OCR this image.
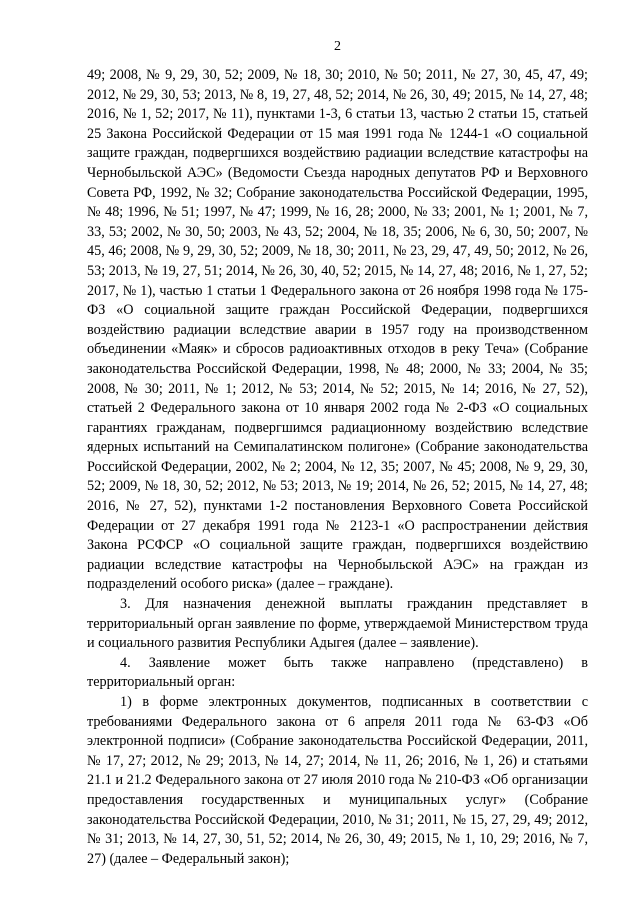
2

49; 2008, № 9, 29, 30, 52; 2009, № 18, 30; 2010, № 50; 2011, № 27, 30, 45, 47, 49; 2012, № 29, 30, 53; 2013, № 8, 19, 27, 48, 52; 2014, № 26, 30, 49; 2015, № 14, 27, 48; 2016, № 1, 52; 2017, № 11), пунктами 1-3, 6 статьи 13, частью 2 статьи 15, статьей 25 Закона Российской Федерации от 15 мая 1991 года № 1244-1 «О социальной защите граждан, подвергшихся воздействию радиации вследствие катастрофы на Чернобыльской АЭС» (Ведомости Съезда народных депутатов РФ и Верховного Совета РФ, 1992, № 32; Собрание законодательства Российской Федерации, 1995, № 48; 1996, № 51; 1997, № 47; 1999, № 16, 28; 2000, № 33; 2001, № 1; 2001, № 7, 33, 53; 2002, № 30, 50; 2003, № 43, 52; 2004, № 18, 35; 2006, № 6, 30, 50; 2007, № 45, 46; 2008, № 9, 29, 30, 52; 2009, № 18, 30; 2011, № 23, 29, 47, 49, 50; 2012, № 26, 53; 2013, № 19, 27, 51; 2014, № 26, 30, 40, 52; 2015, № 14, 27, 48; 2016, № 1, 27, 52; 2017, № 1), частью 1 статьи 1 Федерального закона от 26 ноября 1998 года № 175-ФЗ «О социальной защите граждан Российской Федерации, подвергшихся воздействию радиации вследствие аварии в 1957 году на производственном объединении «Маяк» и сбросов радиоактивных отходов в реку Теча» (Собрание законодательства Российской Федерации, 1998, № 48; 2000, № 33; 2004, № 35; 2008, № 30; 2011, № 1; 2012, № 53; 2014, № 52; 2015, № 14; 2016, № 27, 52), статьей 2 Федерального закона от 10 января 2002 года № 2-ФЗ «О социальных гарантиях гражданам, подвергшимся радиационному воздействию вследствие ядерных испытаний на Семипалатинском полигоне» (Собрание законодательства Российской Федерации, 2002, № 2; 2004, № 12, 35; 2007, № 45; 2008, № 9, 29, 30, 52; 2009, № 18, 30, 52; 2012, № 53; 2013, № 19; 2014, № 26, 52; 2015, № 14, 27, 48; 2016, № 27, 52), пунктами 1-2 постановления Верховного Совета Российской Федерации от 27 декабря 1991 года № 2123-1 «О распространении действия Закона РСФСР «О социальной защите граждан, подвергшихся воздействию радиации вследствие катастрофы на Чернобыльской АЭС» на граждан из подразделений особого риска» (далее – граждане).

3. Для назначения денежной выплаты гражданин представляет в территориальный орган заявление по форме, утверждаемой Министерством труда и социального развития Республики Адыгея (далее – заявление).

4. Заявление может быть также направлено (представлено) в территориальный орган:

1) в форме электронных документов, подписанных в соответствии с требованиями Федерального закона от 6 апреля 2011 года № 63-ФЗ «Об электронной подписи» (Собрание законодательства Российской Федерации, 2011, № 17, 27; 2012, № 29; 2013, № 14, 27; 2014, № 11, 26; 2016, № 1, 26) и статьями 21.1 и 21.2 Федерального закона от 27 июля 2010 года № 210-ФЗ «Об организации предоставления государственных и муниципальных услуг» (Собрание законодательства Российской Федерации, 2010, № 31; 2011, № 15, 27, 29, 49; 2012, № 31; 2013, № 14, 27, 30, 51, 52; 2014, № 26, 30, 49; 2015, № 1, 10, 29; 2016, № 7, 27) (далее – Федеральный закон);
